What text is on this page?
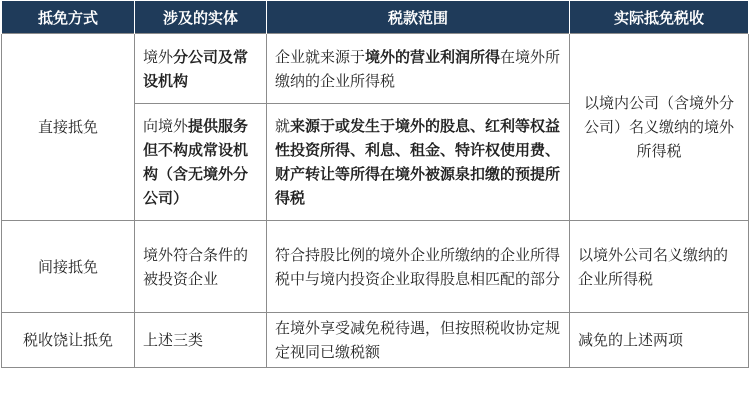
抵免方式	涉及的实体	税款范围	实际抵免税收
直接抵免	境外分公司及常设机构	企业就来源于境外的营业利润所得在境外所缴纳的企业所得税	以境内公司（含境外分公司）名义缴纳的境外所得税
	向境外提供服务但不构成常设机构（含无境外分公司）	就来源于或发生于境外的股息、红利等权益性投资所得、利息、租金、特许权使用费、财产转让等所得在境外被源泉扣缴的预提所得税	
间接抵免	境外符合条件的被投资企业	符合持股比例的境外企业所缴纳的企业所得税中与境内投资企业取得股息相匹配的部分	以境外公司名义缴纳的企业所得税
税收饶让抵免	上述三类	在境外享受减免税待遇，但按照税收协定规定视同已缴税额	减免的上述两项
